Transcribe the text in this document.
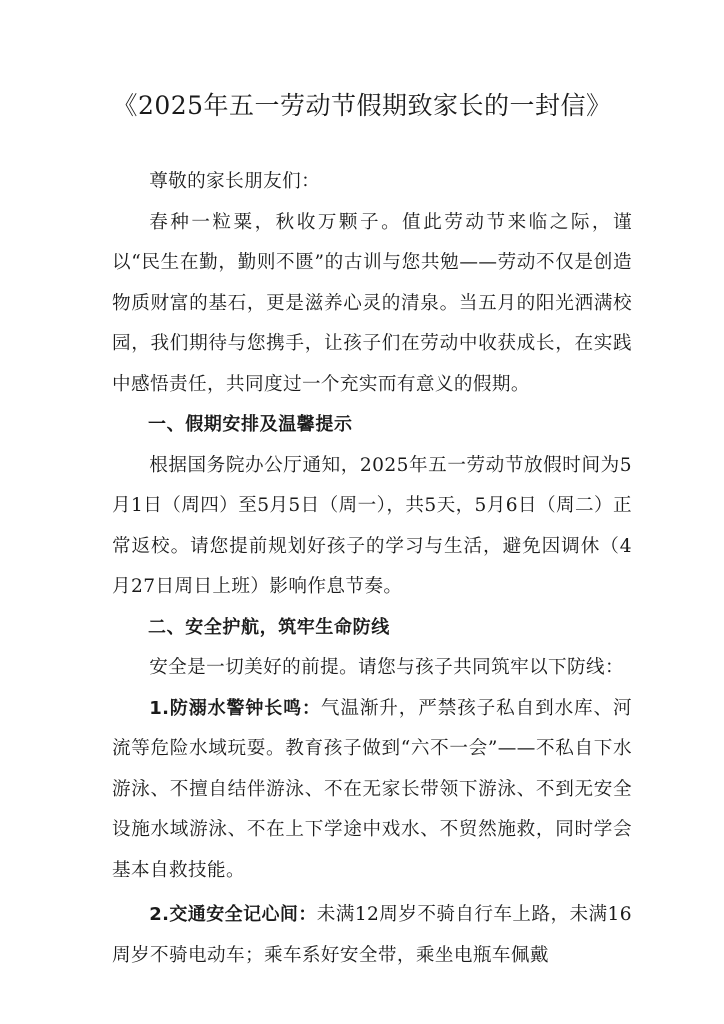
《2025年五一劳动节假期致家长的一封信》

尊敬的家长朋友们：

春种一粒粟，秋收万颗子。值此劳动节来临之际，谨以“民生在勤，勤则不匮”的古训与您共勉——劳动不仅是创造物质财富的基石，更是滋养心灵的清泉。当五月的阳光洒满校园，我们期待与您携手，让孩子们在劳动中收获成长，在实践中感悟责任，共同度过一个充实而有意义的假期。

一、假期安排及温馨提示

根据国务院办公厅通知，2025年五一劳动节放假时间为5月1日（周四）至5月5日（周一），共5天，5月6日（周二）正常返校。请您提前规划好孩子的学习与生活，避免因调休（4月27日周日上班）影响作息节奏。

二、安全护航，筑牢生命防线

安全是一切美好的前提。请您与孩子共同筑牢以下防线：

1.防溺水警钟长鸣：气温渐升，严禁孩子私自到水库、河流等危险水域玩耍。教育孩子做到“六不一会”——不私自下水游泳、不擅自结伴游泳、不在无家长带领下游泳、不到无安全设施水域游泳、不在上下学途中戏水、不贸然施救，同时学会基本自救技能。

2.交通安全记心间：未满12周岁不骑自行车上路，未满16周岁不骑电动车；乘车系好安全带，乘坐电瓶车佩戴
